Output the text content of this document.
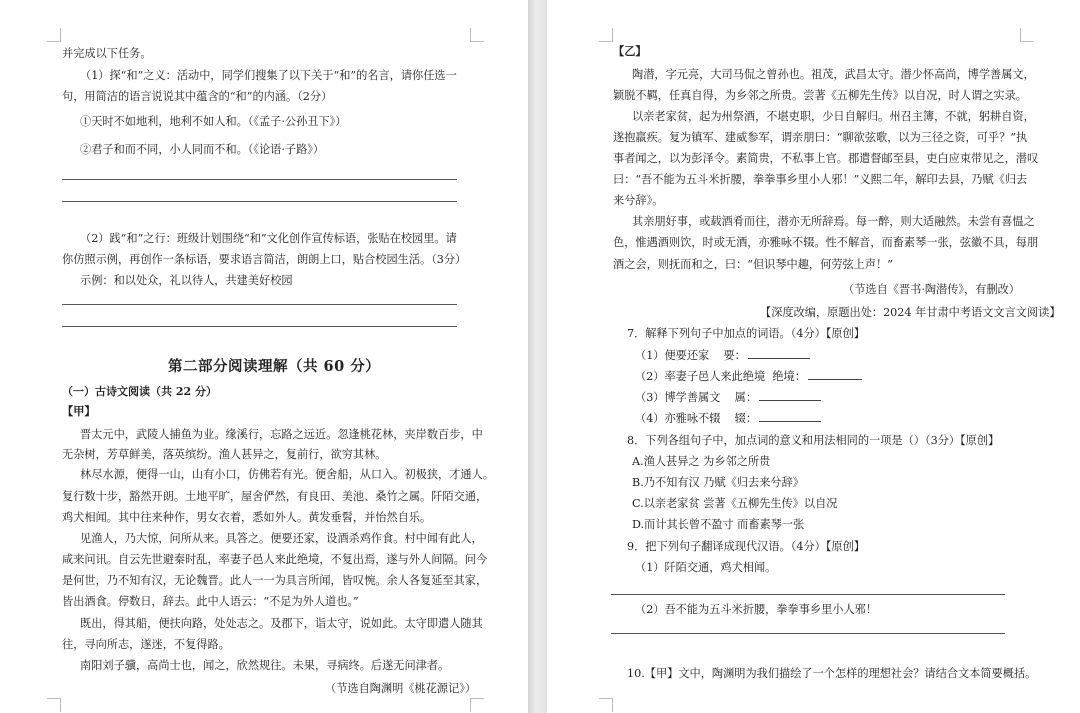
并完成以下任务。
（1）探“和”之义：活动中，同学们搜集了以下关于“和”的名言，请你任选一
句，用简洁的语言说说其中蕴含的“和”的内涵。（2分）
①天时不如地利，地利不如人和。（《孟子·公孙丑下》）
②君子和而不同，小人同而不和。（《论语·子路》）
（2）践“和”之行：班级计划围绕“和”文化创作宣传标语，张贴在校园里。请
你仿照示例，再创作一条标语，要求语言简洁，朗朗上口，贴合校园生活。（3分）
示例：和以处众，礼以待人，共建美好校园
第二部分阅读理解（共 60 分）
（一）古诗文阅读（共 22 分）
【甲】
晋太元中，武陵人捕鱼为业。缘溪行，忘路之远近。忽逢桃花林，夹岸数百步，中
无杂树，芳草鲜美，落英缤纷。渔人甚异之，复前行，欲穷其林。
林尽水源，便得一山，山有小口，仿佛若有光。便舍船，从口入。初极狭，才通人。
复行数十步，豁然开朗。土地平旷，屋舍俨然，有良田、美池、桑竹之属。阡陌交通，
鸡犬相闻。其中往来种作，男女衣着，悉如外人。黄发垂髫，并怡然自乐。
见渔人，乃大惊，问所从来。具答之。便要还家，设酒杀鸡作食。村中闻有此人，
咸来问讯。自云先世避秦时乱，率妻子邑人来此绝境，不复出焉，遂与外人间隔。问今
是何世，乃不知有汉，无论魏晋。此人一一为具言所闻，皆叹惋。余人各复延至其家，
皆出酒食。停数日，辞去。此中人语云：“不足为外人道也。”
既出，得其船，便扶向路，处处志之。及郡下，诣太守，说如此。太守即遣人随其
往，寻向所志，遂迷，不复得路。
南阳刘子骥，高尚士也，闻之，欣然规往。未果，寻病终。后遂无问津者。
（节选自陶渊明《桃花源记》）
【乙】
陶潜，字元亮，大司马侃之曾孙也。祖茂，武昌太守。潜少怀高尚，博学善属文，
颖脱不羁，任真自得，为乡邻之所贵。尝著《五柳先生传》以自况，时人谓之实录。
以亲老家贫，起为州祭酒，不堪吏职，少日自解归。州召主簿，不就，躬耕自资，
遂抱羸疾。复为镇军、建威参军，谓亲朋曰：“聊欲弦歌，以为三径之资，可乎？”执
事者闻之，以为彭泽令。素简贵，不私事上官。郡遣督邮至县，吏白应束带见之，潜叹
曰：“吾不能为五斗米折腰，拳拳事乡里小人邪！”义熙二年，解印去县，乃赋《归去
来兮辞》。
其亲朋好事，或载酒肴而往，潜亦无所辞焉。每一醉，则大适融然。未尝有喜愠之
色，惟遇酒则饮，时或无酒，亦雅咏不辍。性不解音，而畜素琴一张，弦徽不具，每朋
酒之会，则抚而和之，曰：“但识琴中趣，何劳弦上声！”
（节选自《晋书·陶潜传》，有删改）
【深度改编，原题出处：2024 年甘肃中考语文文言文阅读】
7．解释下列句子中加点的词语。（4分）【原创】
（1）便要还家 要：
（2）率妻子邑人来此绝境 绝境：
（3）博学善属文 属：
（4）亦雅咏不辍 辍：
8．下列各组句子中，加点词的意义和用法相同的一项是（）（3分）【原创】
A.渔人甚异之 为乡邻之所贵
B.乃不知有汉 乃赋《归去来兮辞》
C.以亲老家贫 尝著《五柳先生传》以自况
D.而计其长曾不盈寸 而畜素琴一张
9．把下列句子翻译成现代汉语。（4分）【原创】
（1）阡陌交通，鸡犬相闻。
（2）吾不能为五斗米折腰，拳拳事乡里小人邪！
10.【甲】文中，陶渊明为我们描绘了一个怎样的理想社会？请结合文本简要概括。
